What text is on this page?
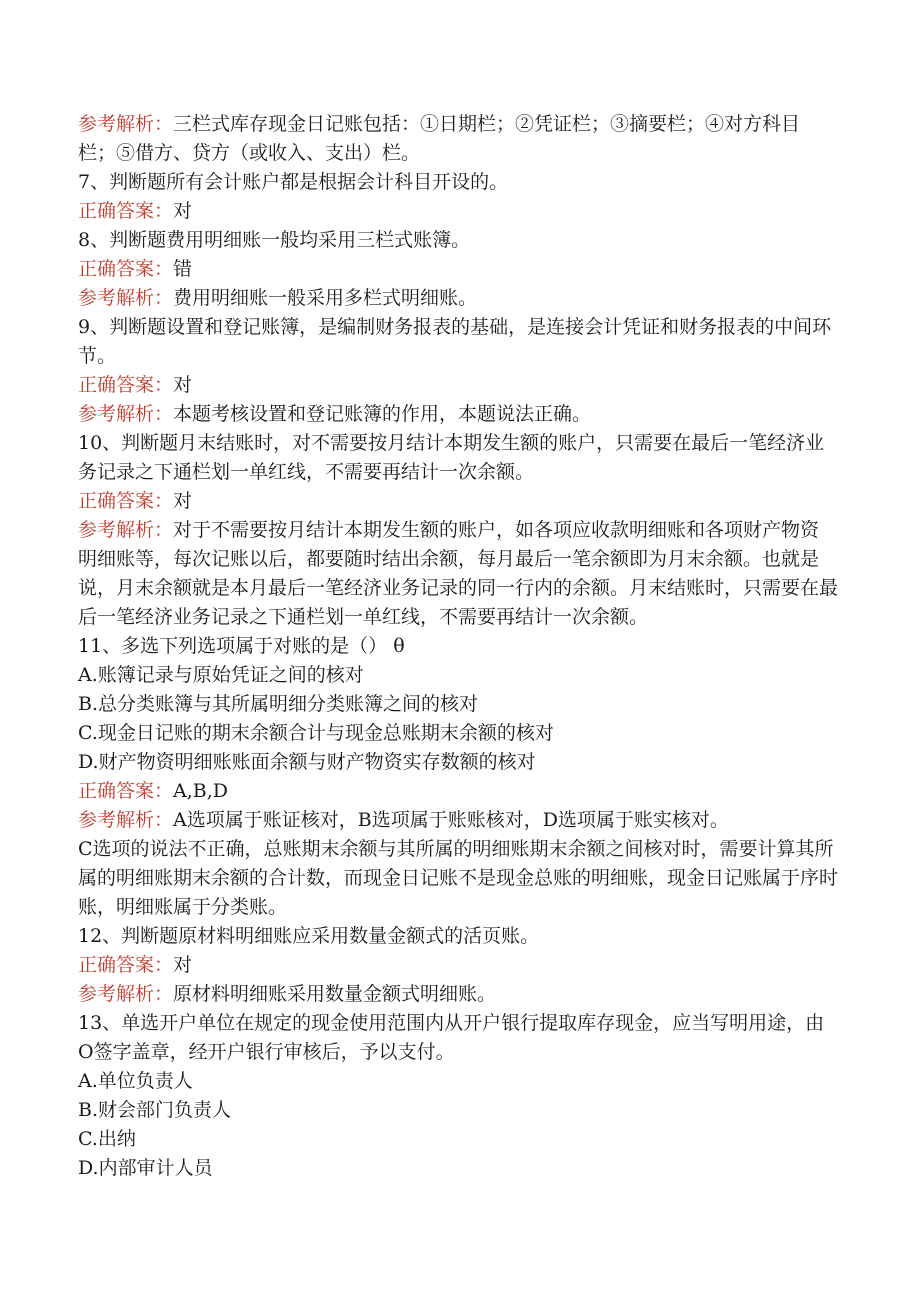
参考解析：三栏式库存现金日记账包括：①日期栏；②凭证栏；③摘要栏；④对方科目栏；⑤借方、贷方（或收入、支出）栏。

7、判断题所有会计账户都是根据会计科目开设的。

正确答案：对

8、判断题费用明细账一般均采用三栏式账簿。

正确答案：错

参考解析：费用明细账一般采用多栏式明细账。

9、判断题设置和登记账簿，是编制财务报表的基础，是连接会计凭证和财务报表的中间环节。

正确答案：对

参考解析：本题考核设置和登记账簿的作用，本题说法正确。

10、判断题月末结账时，对不需要按月结计本期发生额的账户，只需要在最后一笔经济业务记录之下通栏划一单红线，不需要再结计一次余额。

正确答案：对

参考解析：对于不需要按月结计本期发生额的账户，如各项应收款明细账和各项财产物资明细账等，每次记账以后，都要随时结出余额，每月最后一笔余额即为月末余额。也就是说，月末余额就是本月最后一笔经济业务记录的同一行内的余额。月末结账时，只需要在最后一笔经济业务记录之下通栏划一单红线，不需要再结计一次余额。

11、多选下列选项属于对账的是（） θ

A.账簿记录与原始凭证之间的核对

B.总分类账簿与其所属明细分类账簿之间的核对

C.现金日记账的期末余额合计与现金总账期末余额的核对

D.财产物资明细账账面余额与财产物资实存数额的核对

正确答案：A,B,D

参考解析：A选项属于账证核对，B选项属于账账核对，D选项属于账实核对。

C选项的说法不正确，总账期末余额与其所属的明细账期末余额之间核对时，需要计算其所属的明细账期末余额的合计数，而现金日记账不是现金总账的明细账，现金日记账属于序时账，明细账属于分类账。

12、判断题原材料明细账应采用数量金额式的活页账。

正确答案：对

参考解析：原材料明细账采用数量金额式明细账。

13、单选开户单位在规定的现金使用范围内从开户银行提取库存现金，应当写明用途，由O签字盖章，经开户银行审核后，予以支付。

A.单位负责人

B.财会部门负责人

C.出纳

D.内部审计人员
